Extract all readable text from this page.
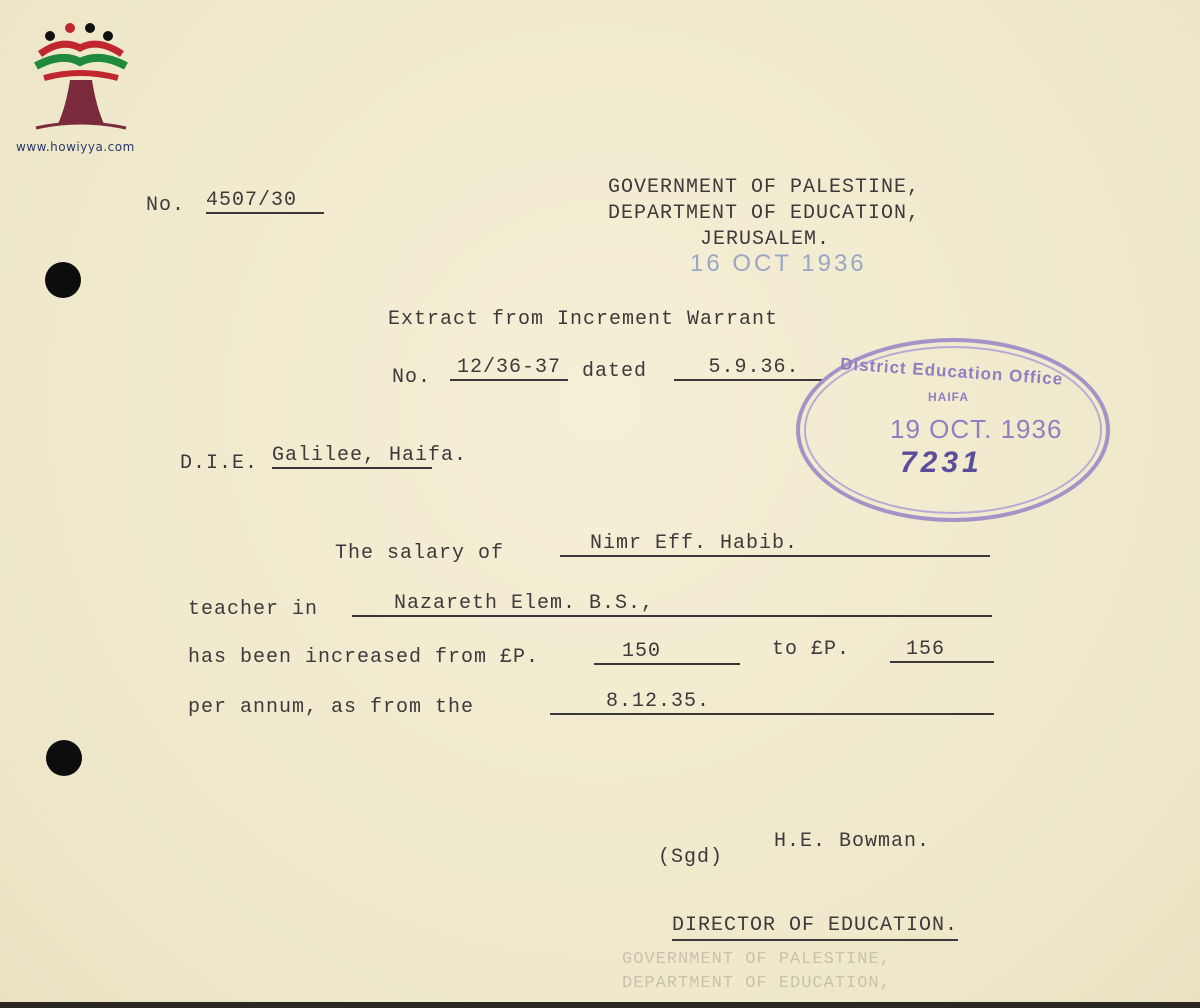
www.howiyya.com
No. 4507/30
GOVERNMENT OF PALESTINE,
DEPARTMENT OF EDUCATION,
JERUSALEM.
16 OCT 1936
Extract from Increment Warrant
No.	12/36-37	dated	5.9.36.
D.I.E. Galilee, Haifa.
District Education Office
HAIFA
19 OCT. 1936
7231
The salary of	Nimr Eff. Habib.
teacher in	Nazareth Elem. B.S.,
has been increased from £P.	150	to £P.	156
per annum, as from the	8.12.35.
(Sgd)
H.E. Bowman.
DIRECTOR OF EDUCATION.
GOVERNMENT OF PALESTINE,
DEPARTMENT OF EDUCATION,
